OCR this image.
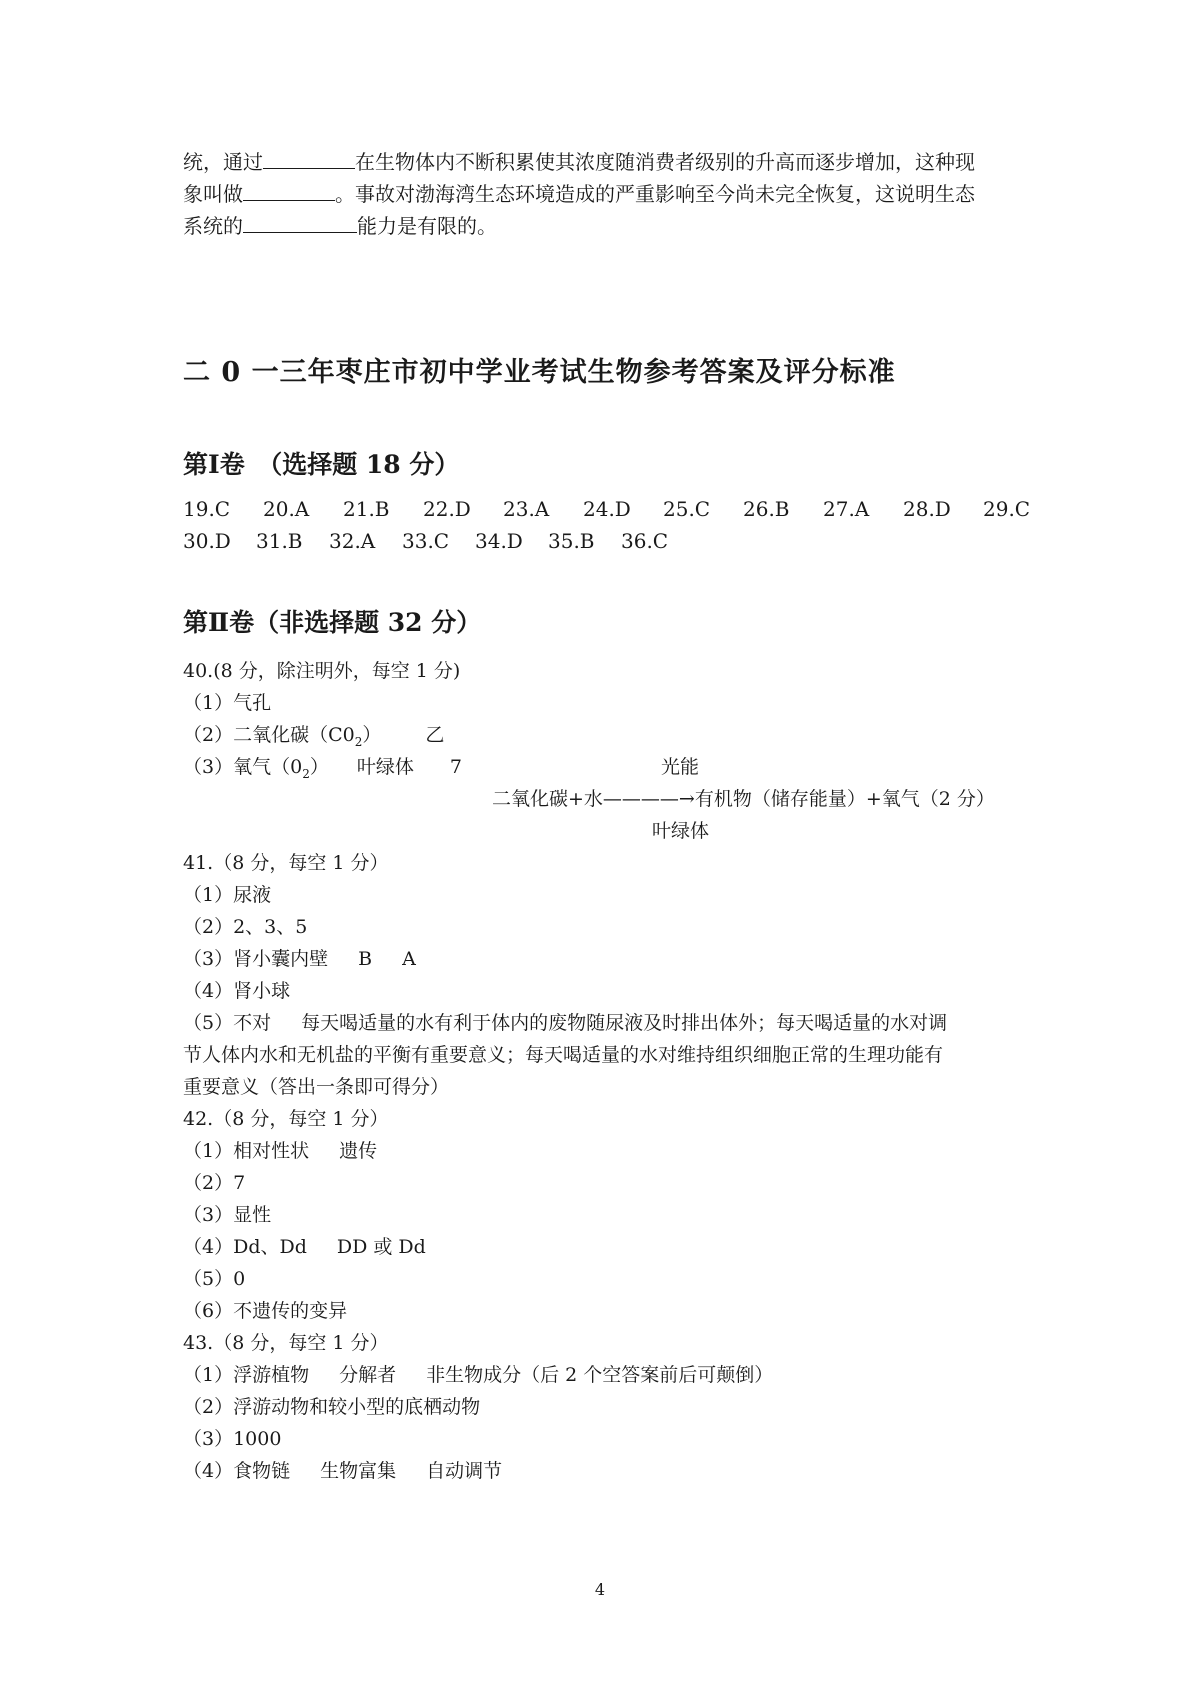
统，通过	在生物体内不断积累使其浓度随消费者级别的升高而逐步增加，这种现
象叫做	。事故对渤海湾生态环境造成的严重影响至今尚未完全恢复，这说明生态
系统的	能力是有限的。
二 0 一三年枣庄市初中学业考试生物参考答案及评分标准
第Ⅰ卷　（选择题 18 分）
19.C 20.A 21.B 22.D 23.A 24.D 25.C 26.B 27.A 28.D 29.C
30.D 31.B 32.A 33.C 34.D 35.B 36.C
第Ⅱ卷（非选择题 32 分）
40.(8 分，除注明外，每空 1 分)
（1）气孔
（2）二氧化碳$(C0_2)$ 乙
（3）氧气$(0_2)$ 叶绿体 7	光能
二氧化碳+水————→有机物（储存能量）+氧气（2 分）
叶绿体
41.（8 分，每空 1 分）
（1）尿液
（2）2、3、5
（3）肾小囊内壁 B A
（4）肾小球
（5）不对 每天喝适量的水有利于体内的废物随尿液及时排出体外；每天喝适量的水对调
节人体内水和无机盐的平衡有重要意义；每天喝适量的水对维持组织细胞正常的生理功能有
重要意义（答出一条即可得分）
42.（8 分，每空 1 分）
（1）相对性状 遗传
（2）7
（3）显性
（4）Dd、Dd DD 或 Dd
（5）0
（6）不遗传的变异
43.（8 分，每空 1 分）
（1）浮游植物 分解者 非生物成分（后 2 个空答案前后可颠倒）
（2）浮游动物和较小型的底栖动物
（3）1000
（4）食物链 生物富集 自动调节
4
